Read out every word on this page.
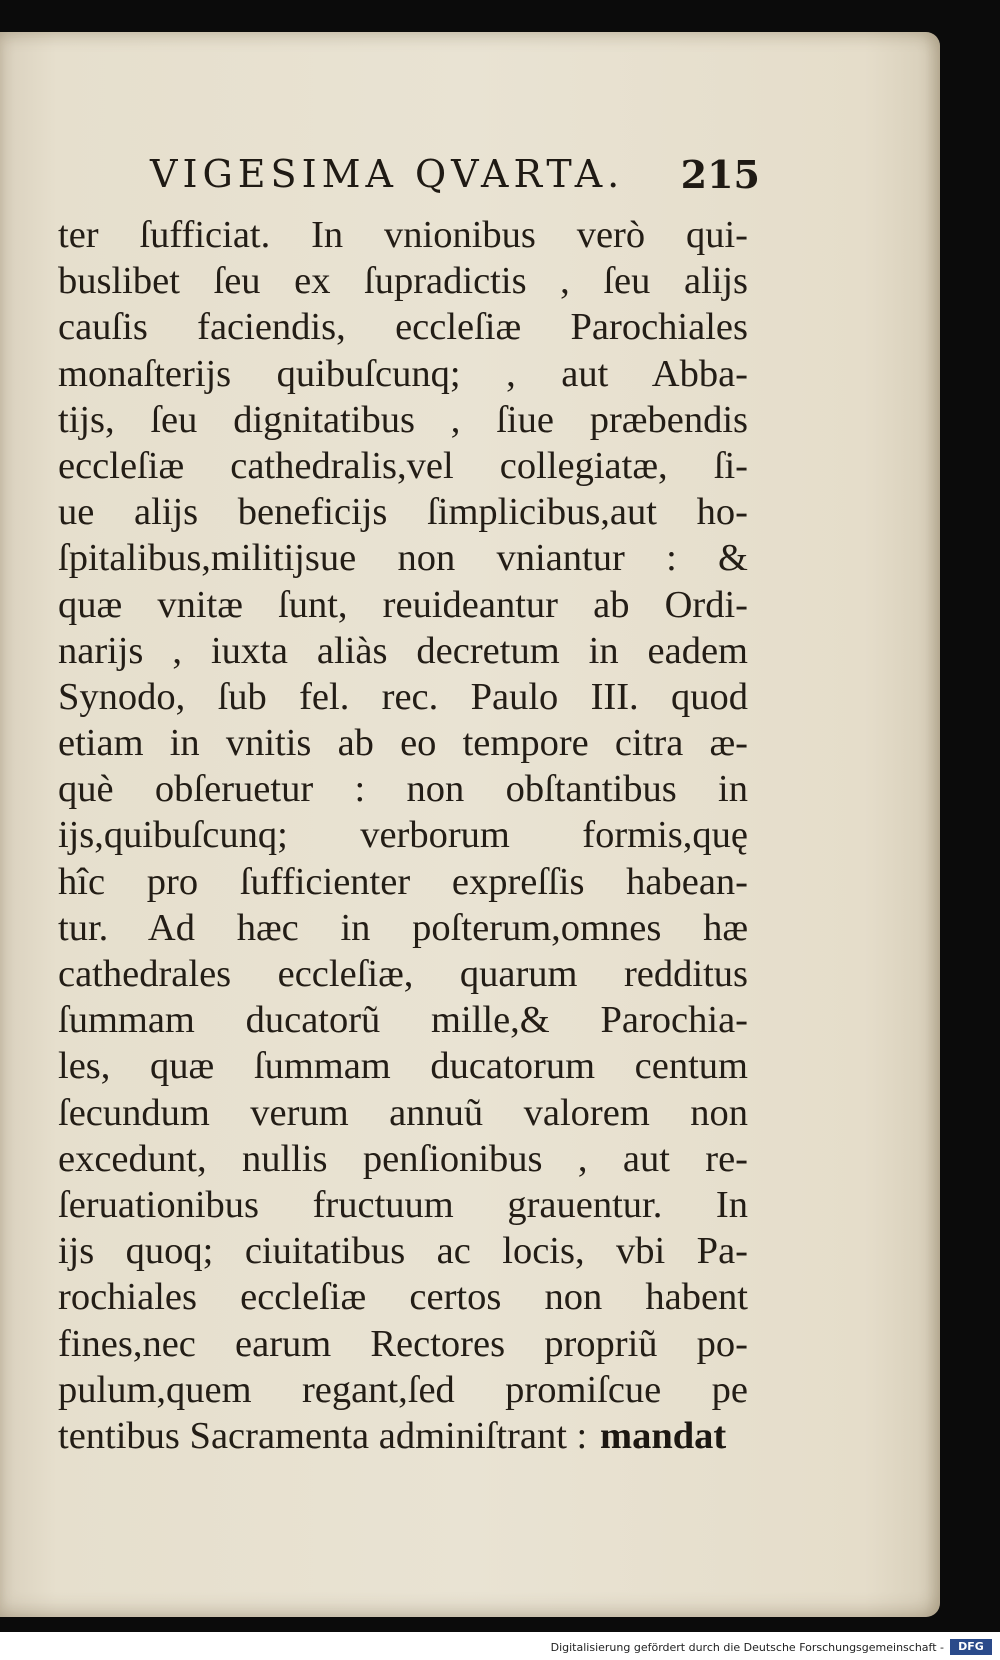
VIGESIMA QVARTA. 215
ter ſufficiat. In vnionibus verò qui-
buslibet ſeu ex ſupradictis , ſeu alĳs
cauſis faciendis, eccleſiæ Parochiales
monaſterĳs quibuſcunq; , aut Abba-
tĳs, ſeu dignitatibus , ſiue præbendis
eccleſiæ cathedralis,vel collegiatæ, ſi-
ue alĳs beneficĳs ſimplicibus,aut ho-
ſpitalibus,militĳsue non vniantur : &
quæ vnitæ ſunt, reuideantur ab Ordi-
narĳs , iuxta aliàs decretum in eadem
Synodo, ſub fel. rec. Paulo III. quod
etiam in vnitis ab eo tempore citra æ-
què obſeruetur : non obſtantibus in
ĳs,quibuſcunq; verborum formis,quę
hîc pro ſufficienter expreſſis habean-
tur. Ad hæc in poſterum,omnes hæ
cathedrales eccleſiæ, quarum redditus
ſummam ducatorũ mille,& Parochia-
les, quæ ſummam ducatorum centum
ſecundum verum annuũ valorem non
excedunt, nullis penſionibus , aut re-
ſeruationibus fructuum grauentur. In
ĳs quoq; ciuitatibus ac locis, vbi Pa-
rochiales eccleſiæ certos non habent
fines,nec earum Rectores propriũ po-
pulum,quem regant,ſed promiſcue pe
tentibus Sacramenta adminiſtrant : mandat
Digitalisierung gefördert durch die Deutsche Forschungsgemeinschaft -	DFG
